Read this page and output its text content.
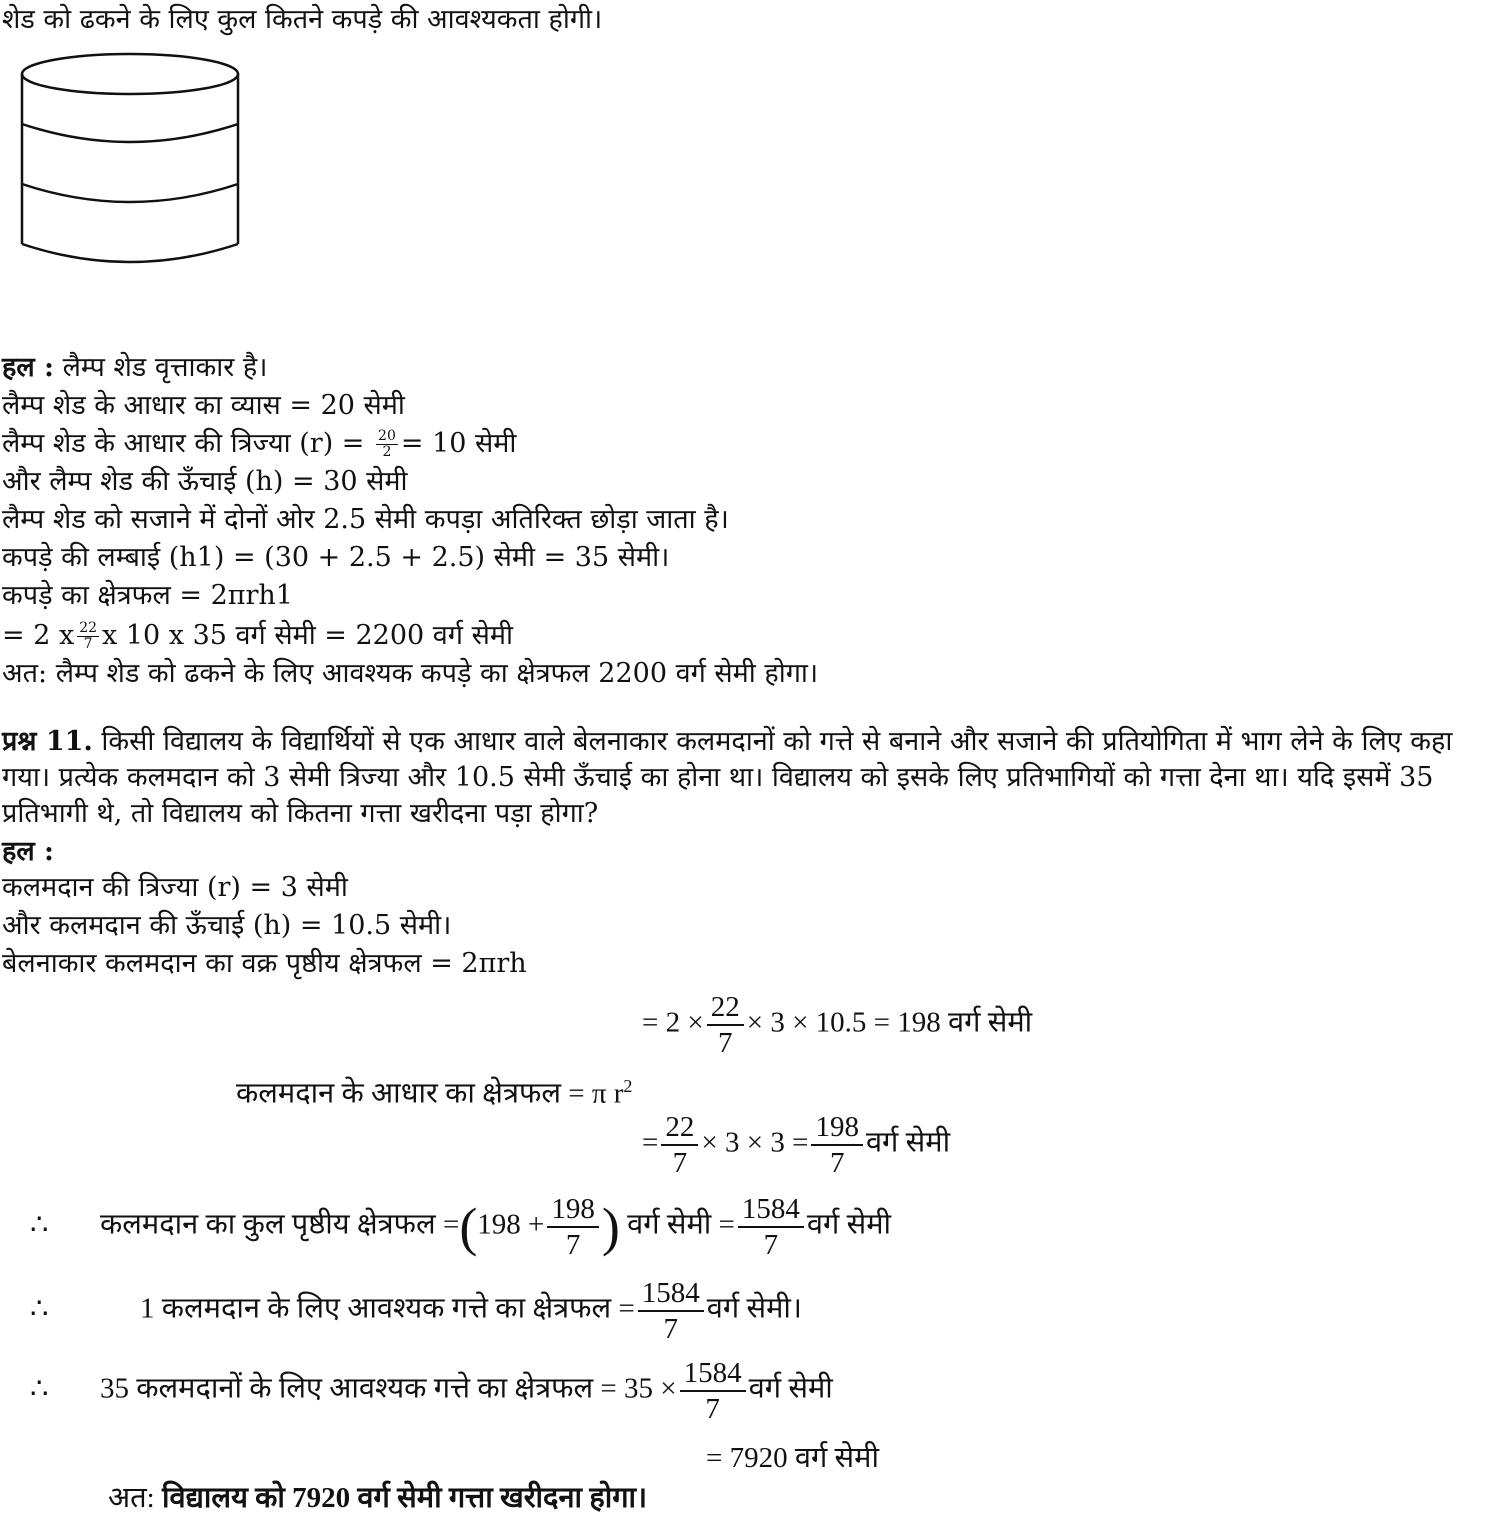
शेड को ढकने के लिए कुल कितने कपड़े की आवश्यकता होगी।
हल : लैम्प शेड वृत्ताकार है।
लैम्प शेड के आधार का व्यास = 20 सेमी
लैम्प शेड के आधार की त्रिज्या $(r) = \frac{20}{2} = 10$ सेमी
और लैम्प शेड की ऊँचाई (h) = 30 सेमी
लैम्प शेड को सजाने में दोनों ओर 2.5 सेमी कपड़ा अतिरिक्त छोड़ा जाता है।
कपड़े की लम्बाई (h1) = (30 + 2.5 + 2.5) सेमी = 35 सेमी।
कपड़े का क्षेत्रफल = 2πrh1
= 2 x $\frac{22}{7}$ x 10 x 35 वर्ग सेमी = 2200 वर्ग सेमी
अत: लैम्प शेड को ढकने के लिए आवश्यक कपड़े का क्षेत्रफल 2200 वर्ग सेमी होगा।
प्रश्न 11. किसी विद्यालय के विद्यार्थियों से एक आधार वाले बेलनाकार कलमदानों को गत्ते से बनाने और सजाने की प्रतियोगिता में भाग लेने के लिए कहा गया। प्रत्येक कलमदान को 3 सेमी त्रिज्या और 10.5 सेमी ऊँचाई का होना था। विद्यालय को इसके लिए प्रतिभागियों को गत्ता देना था। यदि इसमें 35 प्रतिभागी थे, तो विद्यालय को कितना गत्ता खरीदना पड़ा होगा?
हल :
कलमदान की त्रिज्या (r) = 3 सेमी
और कलमदान की ऊँचाई (h) = 10.5 सेमी।
बेलनाकार कलमदान का वक्र पृष्ठीय क्षेत्रफल = 2πrh
= $2 \times \frac{22}{7} \times 3 \times 10.5 = 198$ वर्ग सेमी
कलमदान के आधार का क्षेत्रफल = π $r^2$
= $\frac{22}{7} \times 3 \times 3 = \frac{198}{7}$ वर्ग सेमी
∴ कलमदान का कुल पृष्ठीय क्षेत्रफल $=(198 + \frac{198}{7}$ ) वर्ग सेमी = $\frac{1584}{7}$ वर्ग सेमी
∴	1 कलमदान के लिए आवश्यक गत्ते का क्षेत्रफल = $\frac{1584}{7}$ वर्ग सेमी।
∴ 35 कलमदानों के लिए आवश्यक गत्ते का क्षेत्रफल = $35 \times \frac{1584}{7}$ वर्ग सेमी
= 7920 वर्ग सेमी
अत: विद्यालय को 7920 वर्ग सेमी गत्ता खरीदना होगा।
